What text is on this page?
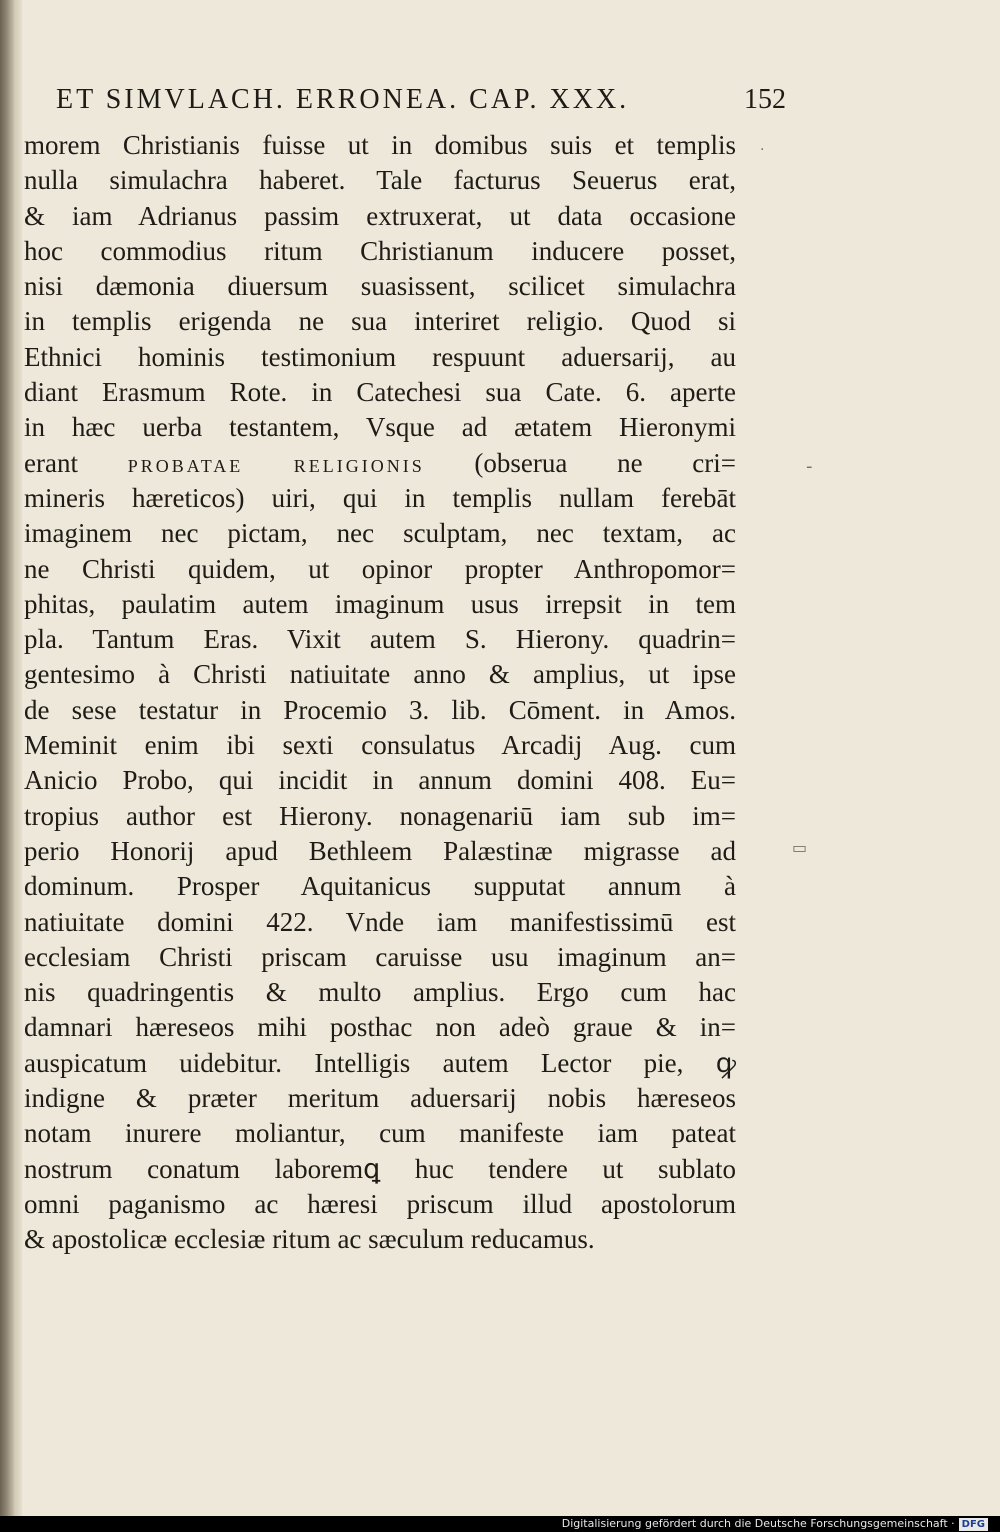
ET SIMVLACH. ERRONEA. CAP. XXX.	152
morem Christianis fuisse ut in domibus suis et templis
nulla simulachra haberet. Tale facturus Seuerus erat,
& iam Adrianus passim extruxerat, ut data occasione
hoc commodius ritum Christianum inducere posset,
nisi dæmonia diuersum suasissent, scilicet simulachra
in templis erigenda ne sua interiret religio. Quod si
Ethnici hominis testimonium respuunt aduersarij, au
diant Erasmum Rote. in Catechesi sua Cate. 6. aperte
in hæc uerba testantem, Vsque ad ætatem Hieronymi
erant	PROBATAE RELIGIONIS (obserua ne cri=
mineris hæreticos) uiri, qui in templis nullam ferebāt
imaginem nec pictam, nec sculptam, nec textam, ac
ne Christi quidem, ut opinor propter Anthropomor=
phitas, paulatim autem imaginum usus irrepsit in tem
pla. Tantum Eras. Vixit autem S. Hierony. quadrin=
gentesimo à Christi natiuitate anno & amplius, ut ipse
de sese testatur in Procemio 3. lib. Cōment. in Amos.
Meminit enim ibi sexti consulatus Arcadij Aug. cum
Anicio Probo, qui incidit in annum domini 408. Eu=
tropius author est Hierony. nonagenariū iam sub im=
perio Honorij apud Bethleem Palæstinæ migrasse ad
dominum. Prosper Aquitanicus supputat annum à
natiuitate domini 422. Vnde iam manifestissimū est
ecclesiam Christi priscam caruisse usu imaginum an=
nis quadringentis & multo amplius. Ergo cum hac
damnari hæreseos mihi posthac non adeò graue & in=
auspicatum uidebitur. Intelligis autem Lector pie, ꝙ
indigne & præter meritum aduersarij nobis hæreseos
notam inurere moliantur, cum manifeste iam pateat
nostrum conatum laboremꝗ huc tendere ut sublato
omni paganismo ac hæresi priscum illud apostolorum
& apostolicæ ecclesiæ ritum ac sæculum reducamus.
.
-
▭
Digitalisierung gefördert durch die Deutsche Forschungsgemeinschaft · DFG
